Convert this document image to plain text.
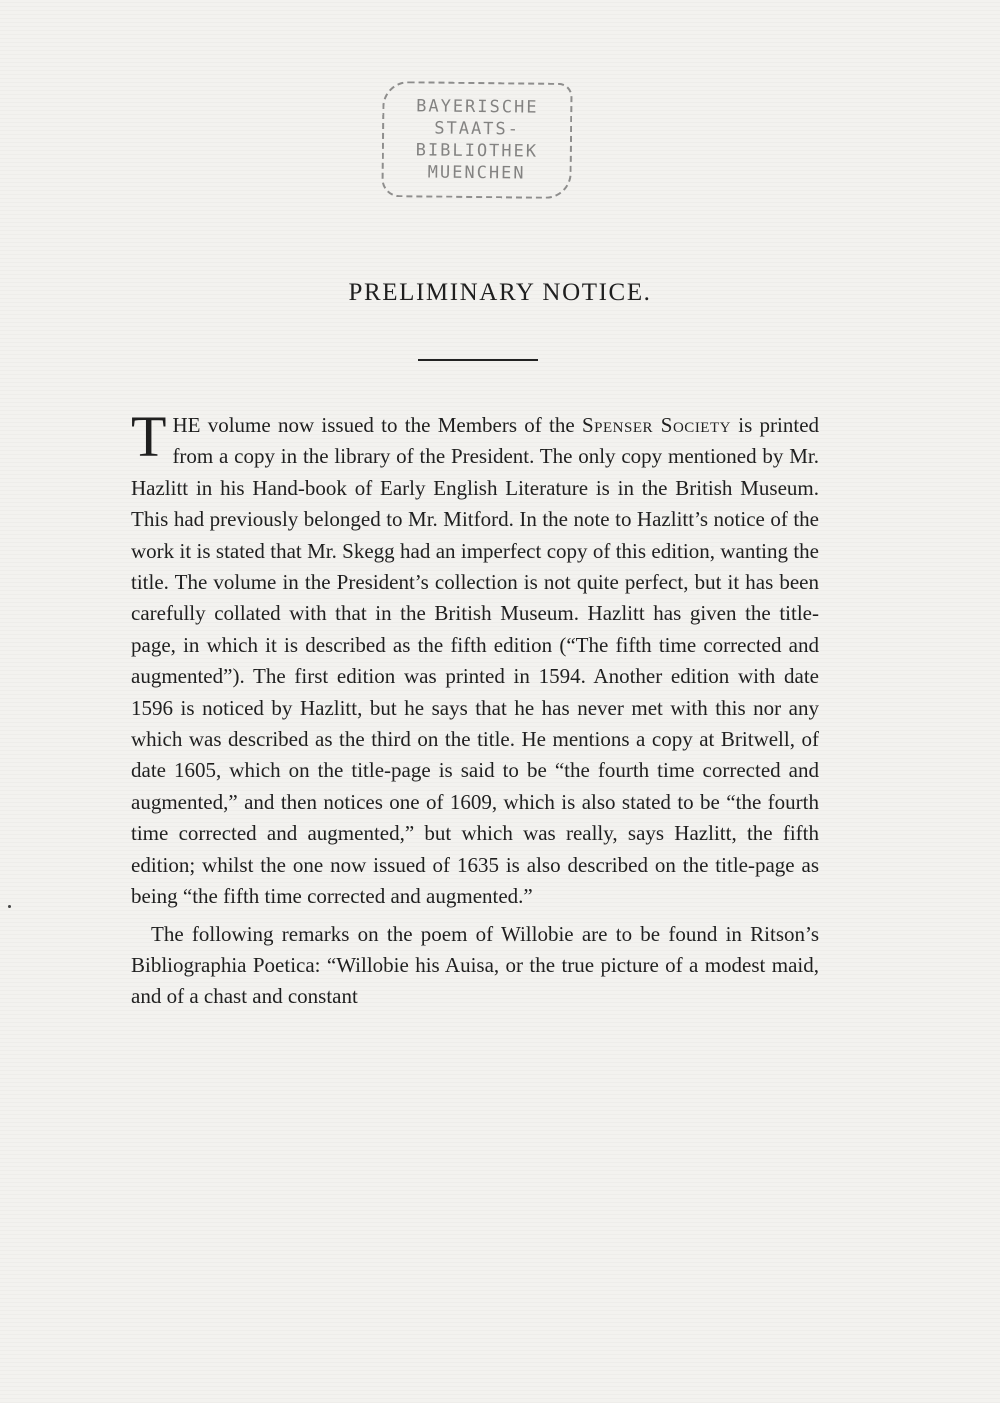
BAYERISCHE
STAATS-
BIBLIOTHEK
MUENCHEN
PRELIMINARY NOTICE.

T HE volume now issued to the Members of the Spenser Society is printed from a copy in the library of the President. The only copy mentioned by Mr. Hazlitt in his Hand-book of Early English Literature is in the British Museum. This had previously belonged to Mr. Mitford. In the note to Hazlitt’s notice of the work it is stated that Mr. Skegg had an imperfect copy of this edition, wanting the title. The volume in the President’s collection is not quite perfect, but it has been carefully collated with that in the British Museum. Hazlitt has given the title-page, in which it is described as the fifth edition (“The fifth time corrected and augmented”). The first edition was printed in 1594. Another edition with date 1596 is noticed by Hazlitt, but he says that he has never met with this nor any which was described as the third on the title. He mentions a copy at Britwell, of date 1605, which on the title-page is said to be “the fourth time corrected and augmented,” and then notices one of 1609, which is also stated to be “the fourth time corrected and augmented,” but which was really, says Hazlitt, the fifth edition; whilst the one now issued of 1635 is also described on the title-page as being “the fifth time corrected and augmented.”

The following remarks on the poem of Willobie are to be found in Ritson’s Bibliographia Poetica: “Willobie his Auisa, or the true picture of a modest maid, and of a chast and constant
